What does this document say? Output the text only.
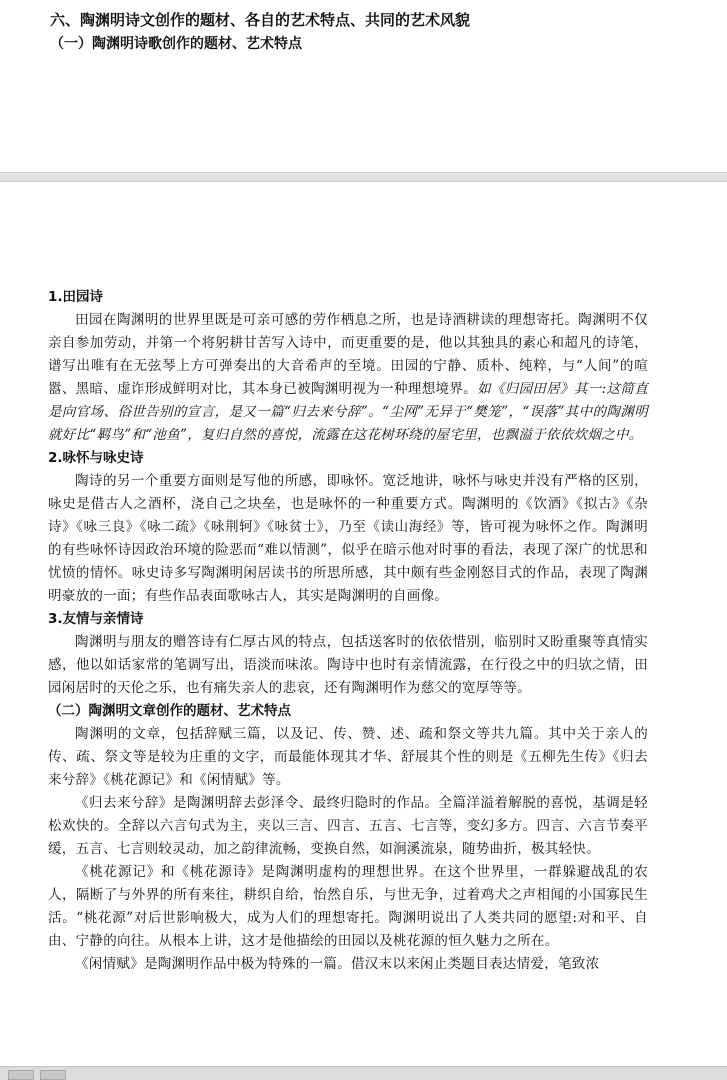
六、陶渊明诗文创作的题材、各自的艺术特点、共同的艺术风貌
（一）陶渊明诗歌创作的题材、艺术特点
1.田园诗

田园在陶渊明的世界里既是可亲可感的劳作栖息之所，也是诗酒耕读的理想寄托。陶渊明不仅亲自参加劳动，并第一个将躬耕甘苦写入诗中，而更重要的是，他以其独具的素心和超凡的诗笔，谱写出唯有在无弦琴上方可弹奏出的大音希声的至境。田园的宁静、质朴、纯粹，与“人间”的喧嚣、黑暗、虚诈形成鲜明对比，其本身已被陶渊明视为一种理想境界。如《归园田居》其一:这简直是向官场、俗世告别的宣言，是又一篇“归去来兮辞”。“尘网”无异于“樊笼”，“误落”其中的陶渊明就好比“羁鸟”和“池鱼”，复归自然的喜悦，流露在这花树环绕的屋宅里，也飘溢于依依炊烟之中。

2.咏怀与咏史诗

陶诗的另一个重要方面则是写他的所感，即咏怀。宽泛地讲，咏怀与咏史并没有严格的区别，咏史是借古人之酒杯，浇自己之块垒，也是咏怀的一种重要方式。陶渊明的《饮酒》《拟古》《杂诗》《咏三良》《咏二疏》《咏荆轲》《咏贫士》，乃至《读山海经》等，皆可视为咏怀之作。陶渊明的有些咏怀诗因政治环境的险恶而“难以情测”，似乎在暗示他对时事的看法，表现了深广的忧思和忧愤的情怀。咏史诗多写陶渊明闲居读书的所思所感，其中颇有些金刚怒目式的作品，表现了陶渊明豪放的一面；有些作品表面歌咏古人，其实是陶渊明的自画像。

3.友情与亲情诗

陶渊明与朋友的赠答诗有仁厚古风的特点，包括送客时的依依惜别，临别时又盼重聚等真情实感，他以如话家常的笔调写出，语淡而味浓。陶诗中也时有亲情流露，在行役之中的归欤之情，田园闲居时的天伦之乐，也有痛失亲人的悲哀，还有陶渊明作为慈父的宽厚等等。

（二）陶渊明文章创作的题材、艺术特点

陶渊明的文章，包括辞赋三篇，以及记、传、赞、述、疏和祭文等共九篇。其中关于亲人的传、疏、祭文等是较为庄重的文字，而最能体现其才华、舒展其个性的则是《五柳先生传》《归去来兮辞》《桃花源记》和《闲情赋》等。

《归去来兮辞》是陶渊明辞去彭泽令、最终归隐时的作品。全篇洋溢着解脱的喜悦，基调是轻松欢快的。全辞以六言句式为主，夹以三言、四言、五言、七言等，变幻多方。四言、六言节奏平缓，五言、七言则较灵动，加之韵律流畅，变换自然，如涧溪流泉，随势曲折，极其轻快。

《桃花源记》和《桃花源诗》是陶渊明虚构的理想世界。在这个世界里，一群躲避战乱的农人，隔断了与外界的所有来往，耕织自给，怡然自乐，与世无争，过着鸡犬之声相闻的小国寡民生活。“桃花源”对后世影响极大，成为人们的理想寄托。陶渊明说出了人类共同的愿望:对和平、自由、宁静的向往。从根本上讲，这才是他描绘的田园以及桃花源的恒久魅力之所在。

《闲情赋》是陶渊明作品中极为特殊的一篇。借汉末以来闲止类题目表达情爱，笔致浓
